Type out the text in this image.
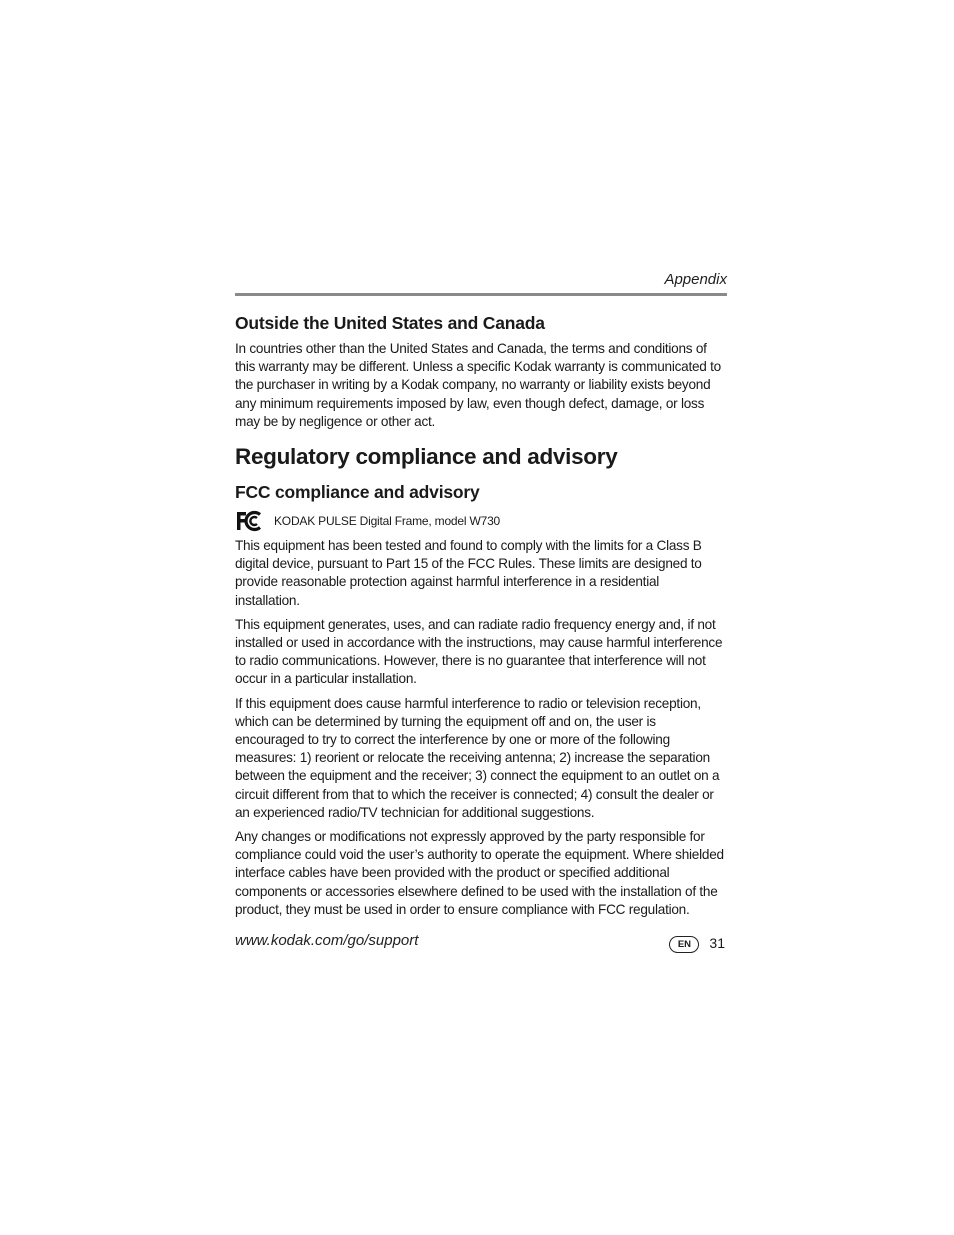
Appendix

Outside the United States and Canada

In countries other than the United States and Canada, the terms and conditions of this warranty may be different. Unless a specific Kodak warranty is communicated to the purchaser in writing by a Kodak company, no warranty or liability exists beyond any minimum requirements imposed by law, even though defect, damage, or loss may be by negligence or other act.

Regulatory compliance and advisory
FCC compliance and advisory
KODAK PULSE Digital Frame, model W730

This equipment has been tested and found to comply with the limits for a Class B digital device, pursuant to Part 15 of the FCC Rules. These limits are designed to provide reasonable protection against harmful interference in a residential installation.

This equipment generates, uses, and can radiate radio frequency energy and, if not installed or used in accordance with the instructions, may cause harmful interference to radio communications. However, there is no guarantee that interference will not occur in a particular installation.

If this equipment does cause harmful interference to radio or television reception, which can be determined by turning the equipment off and on, the user is encouraged to try to correct the interference by one or more of the following measures: 1) reorient or relocate the receiving antenna; 2) increase the separation between the equipment and the receiver; 3) connect the equipment to an outlet on a circuit different from that to which the receiver is connected; 4) consult the dealer or an experienced radio/TV technician for additional suggestions.

Any changes or modifications not expressly approved by the party responsible for compliance could void the user’s authority to operate the equipment. Where shielded interface cables have been provided with the product or specified additional components or accessories elsewhere defined to be used with the installation of the product, they must be used in order to ensure compliance with FCC regulation.

www.kodak.com/go/support	EN	31
